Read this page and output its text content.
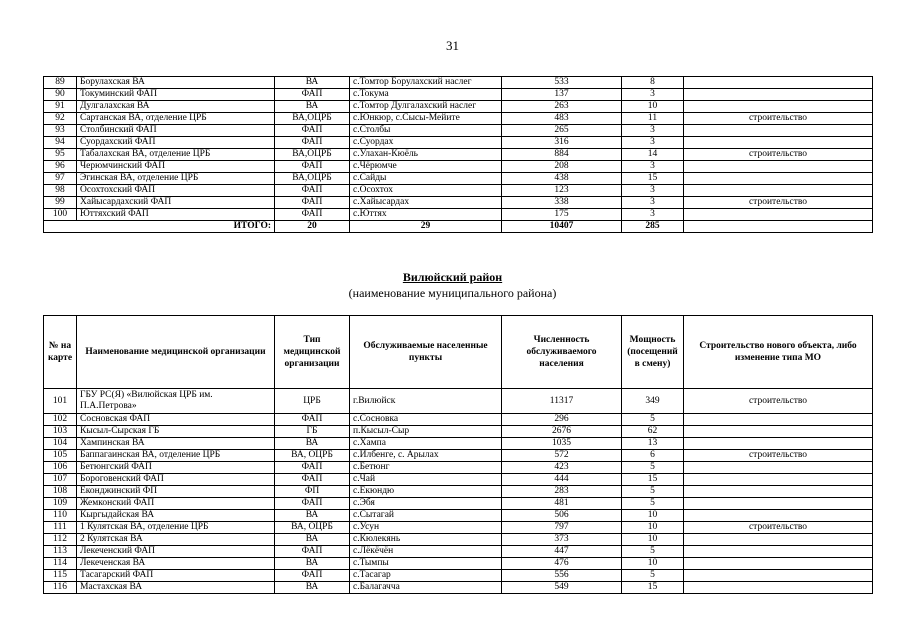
31
89	Борулахская ВА	ВА	с.Томтор Борулахский наслег	533	8	
90	Токуминский ФАП	ФАП	с.Токума	137	3	
91	Дулгалахская ВА	ВА	с.Томтор Дулгалахский наслег	263	10	
92	Сартанская ВА, отделение ЦРБ	ВА,ОЦРБ	с.Юнкюр, с.Сысы-Мейите	483	11	строительство
93	Столбинский ФАП	ФАП	с.Столбы	265	3	
94	Суордахский ФАП	ФАП	с.Суордах	316	3	
95	Табалахская ВА, отделение ЦРБ	ВА,ОЦРБ	с.Улахан-Кюёль	884	14	строительство
96	Черюмчинский ФАП	ФАП	с.Чёрюмче	208	3	
97	Эгинская ВА, отделение ЦРБ	ВА,ОЦРБ	с.Сайды	438	15	
98	Осохтохский ФАП	ФАП	с.Осохтох	123	3	
99	Хайысардахский ФАП	ФАП	с.Хайысардах	338	3	строительство
100	Юттяхский ФАП	ФАП	с.Юттях	175	3	
ИТОГО:		20	29	10407	285	
Вилюйский район
(наименование муниципального района)
№ на карте	Наименование медицинской организации	Тип медицинской организации	Обслуживаемые населенные пункты	Численность обслуживаемого населения	Мощность (посещений в смену)	Строительство нового объекта, либо изменение типа МО
101	ГБУ РС(Я) «Вилюйская ЦРБ им. П.А.Петрова»	ЦРБ	г.Вилюйск	11317	349	строительство
102	Сосновская ФАП	ФАП	с.Сосновка	296	5	
103	Кысыл-Сырская ГБ	ГБ	п.Кысыл-Сыр	2676	62	
104	Хампинская ВА	ВА	с.Хампа	1035	13	
105	Баппагаинская ВА, отделение ЦРБ	ВА, ОЦРБ	с.Илбенге, с. Арылах	572	6	строительство
106	Бетюнгский ФАП	ФАП	с.Бетюнг	423	5	
107	Бороговенский ФАП	ФАП	с.Чай	444	15	
108	Еконджинский ФП	ФП	с.Екюндю	283	5	
109	Жемконский ФАП	ФАП	с.Эбя	481	5	
110	Кыргыдайская ВА	ВА	с.Сытагай	506	10	
111	1 Кулятская ВА, отделение ЦРБ	ВА, ОЦРБ	с.Усун	797	10	строительство
112	2 Кулятская ВА	ВА	с.Кюлекянь	373	10	
113	Лекеченский ФАП	ФАП	с.Лёкёчён	447	5	
114	Лекеченская ВА	ВА	с.Тымпы	476	10	
115	Тасагарский ФАП	ФАП	с.Тасагар	556	5	
116	Мастахская ВА	ВА	с.Балагачча	549	15	
